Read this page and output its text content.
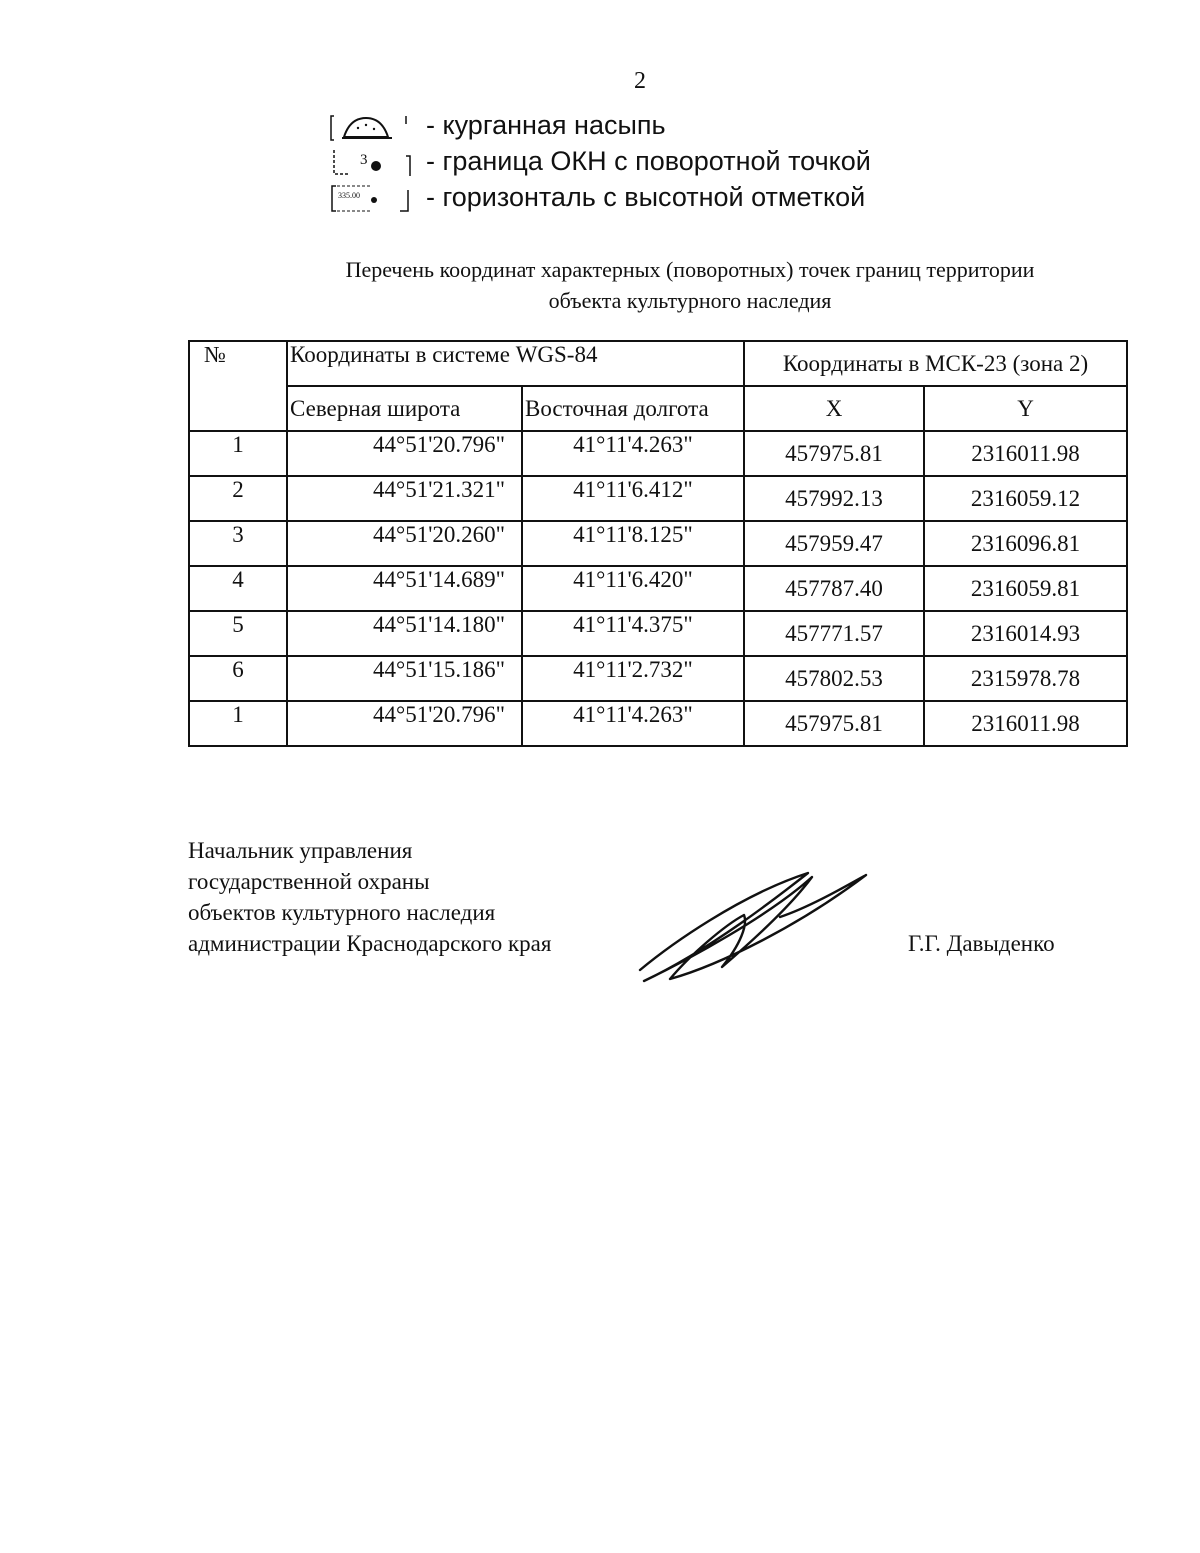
2
- курганная насыпь
3 - граница ОКН с поворотной точкой
335.00 - горизонталь с высотной отметкой
Перечень координат характерных (поворотных) точек границ территории
объекта культурного наследия
№	Координаты в системе WGS-84		Координаты в МСК-23 (зона 2)	
	Северная широта	Восточная долгота	X	Y
1	44°51'20.796"	41°11'4.263"	457975.81	2316011.98
2	44°51'21.321"	41°11'6.412"	457992.13	2316059.12
3	44°51'20.260"	41°11'8.125"	457959.47	2316096.81
4	44°51'14.689"	41°11'6.420"	457787.40	2316059.81
5	44°51'14.180"	41°11'4.375"	457771.57	2316014.93
6	44°51'15.186"	41°11'2.732"	457802.53	2315978.78
1	44°51'20.796"	41°11'4.263"	457975.81	2316011.98
Начальник управления
государственной охраны
объектов культурного наследия
администрации Краснодарского края	Г.Г. Давыденко
